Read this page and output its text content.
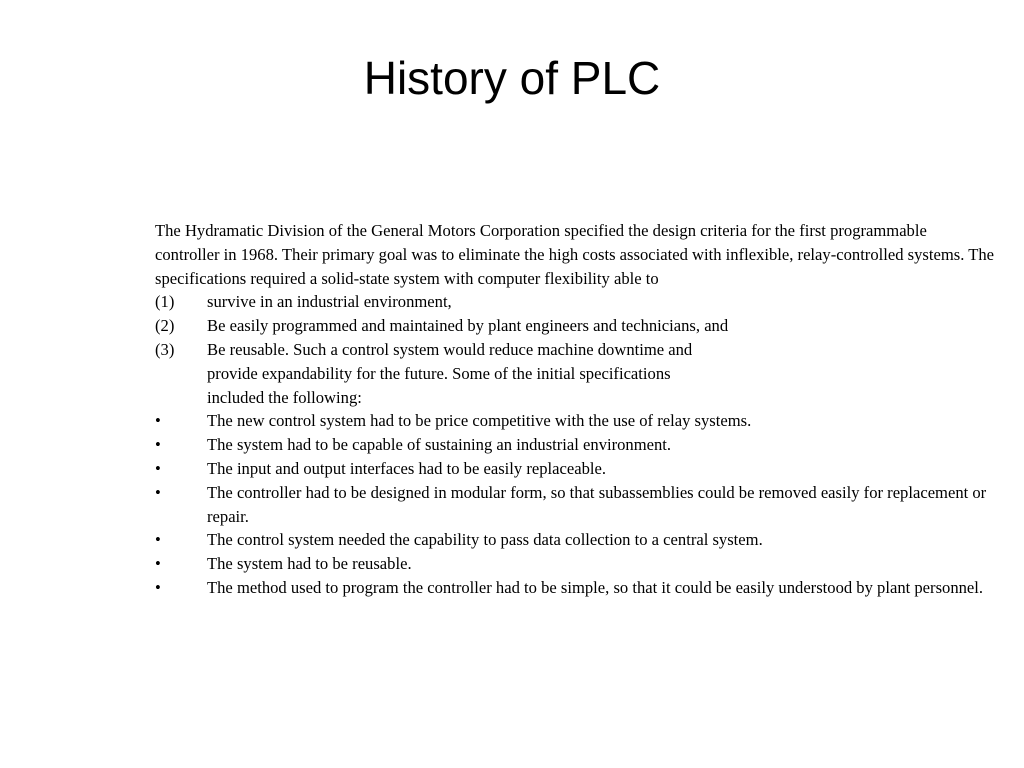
History of PLC

The Hydramatic Division of the General Motors Corporation specified the design criteria for the first programmable controller in 1968. Their primary goal was to eliminate the high costs associated with inflexible, relay-controlled systems. The specifications required a solid-state system with computer flexibility able to

(1)	survive in an industrial environment,
(2)	Be easily programmed and maintained by plant engineers and technicians, and
(3)	Be reusable. Such a control system would reduce machine downtime and
provide expandability for the future. Some of the initial specifications
included the following:
•	The new control system had to be price competitive with the use of relay systems.
•	The system had to be capable of sustaining an industrial environment.
•	The input and output interfaces had to be easily replaceable.
•	The controller had to be designed in modular form, so that subassemblies could be removed easily for replacement or repair.
•	The control system needed the capability to pass data collection to a central system.
•	The system had to be reusable.
•	The method used to program the controller had to be simple, so that it could be easily understood by plant personnel.
